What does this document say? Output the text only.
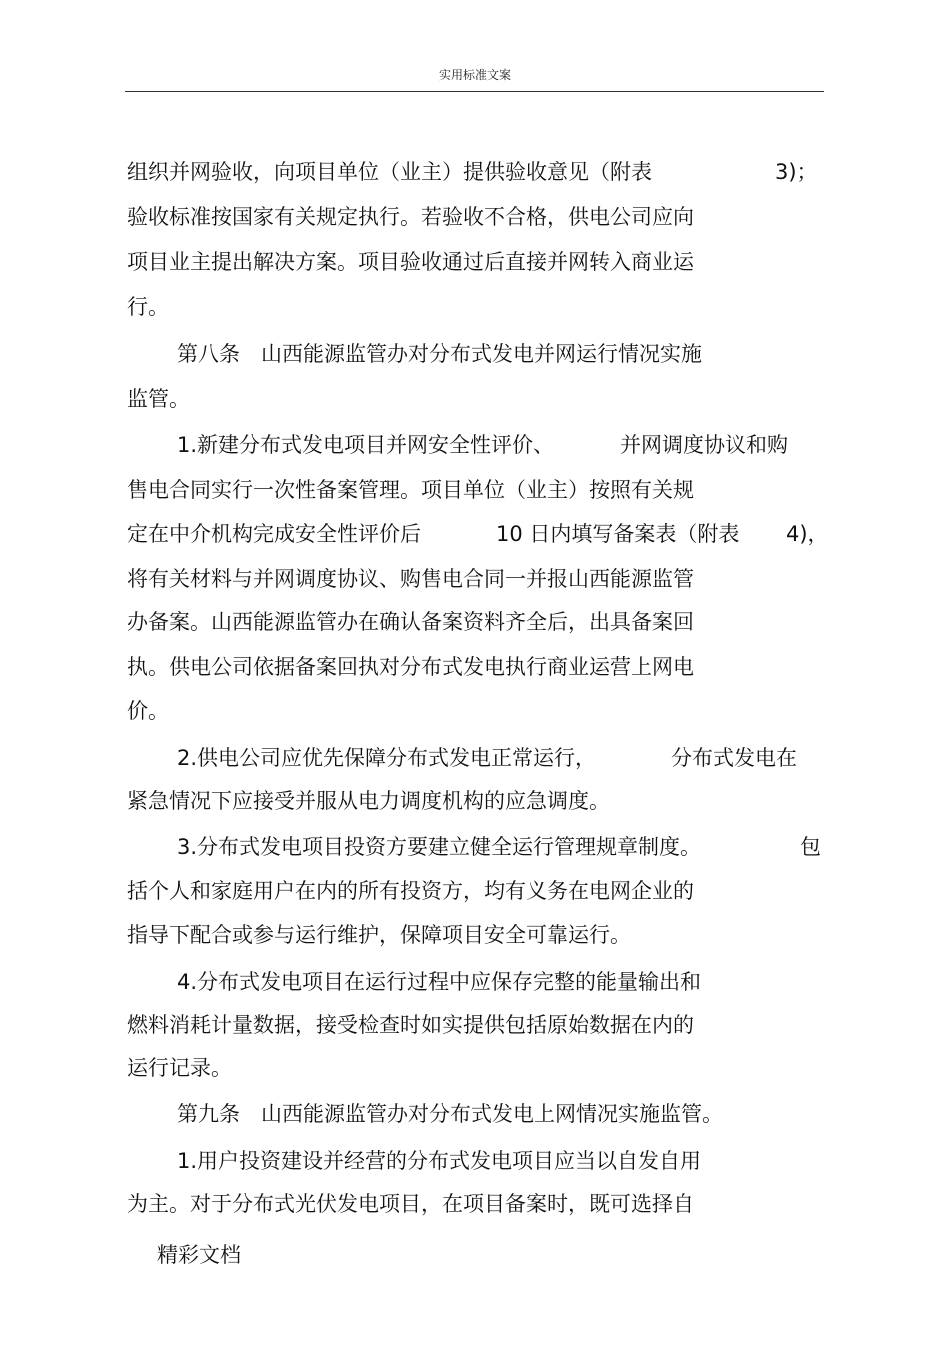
实用标准文案
组织并网验收，向项目单位（业主）提供验收意见（附表	3)；
验收标准按国家有关规定执行。若验收不合格，供电公司应向
项目业主提出解决方案。项目验收通过后直接并网转入商业运
行。
第八条　山西能源监管办对分布式发电并网运行情况实施
监管。
1.新建分布式发电项目并网安全性评价、	并网调度协议和购
售电合同实行一次性备案管理。项目单位（业主）按照有关规
定在中介机构完成安全性评价后	10 日内填写备案表（附表 4)，
将有关材料与并网调度协议、购售电合同一并报山西能源监管
办备案。山西能源监管办在确认备案资料齐全后，出具备案回
执。供电公司依据备案回执对分布式发电执行商业运营上网电
价。
2.供电公司应优先保障分布式发电正常运行，	分布式发电在
紧急情况下应接受并服从电力调度机构的应急调度。
3.分布式发电项目投资方要建立健全运行管理规章制度。	包
括个人和家庭用户在内的所有投资方，均有义务在电网企业的
指导下配合或参与运行维护，保障项目安全可靠运行。
4.分布式发电项目在运行过程中应保存完整的能量输出和
燃料消耗计量数据，接受检查时如实提供包括原始数据在内的
运行记录。
第九条　山西能源监管办对分布式发电上网情况实施监管。
1.用户投资建设并经营的分布式发电项目应当以自发自用
为主。对于分布式光伏发电项目，在项目备案时，既可选择自
精彩文档
